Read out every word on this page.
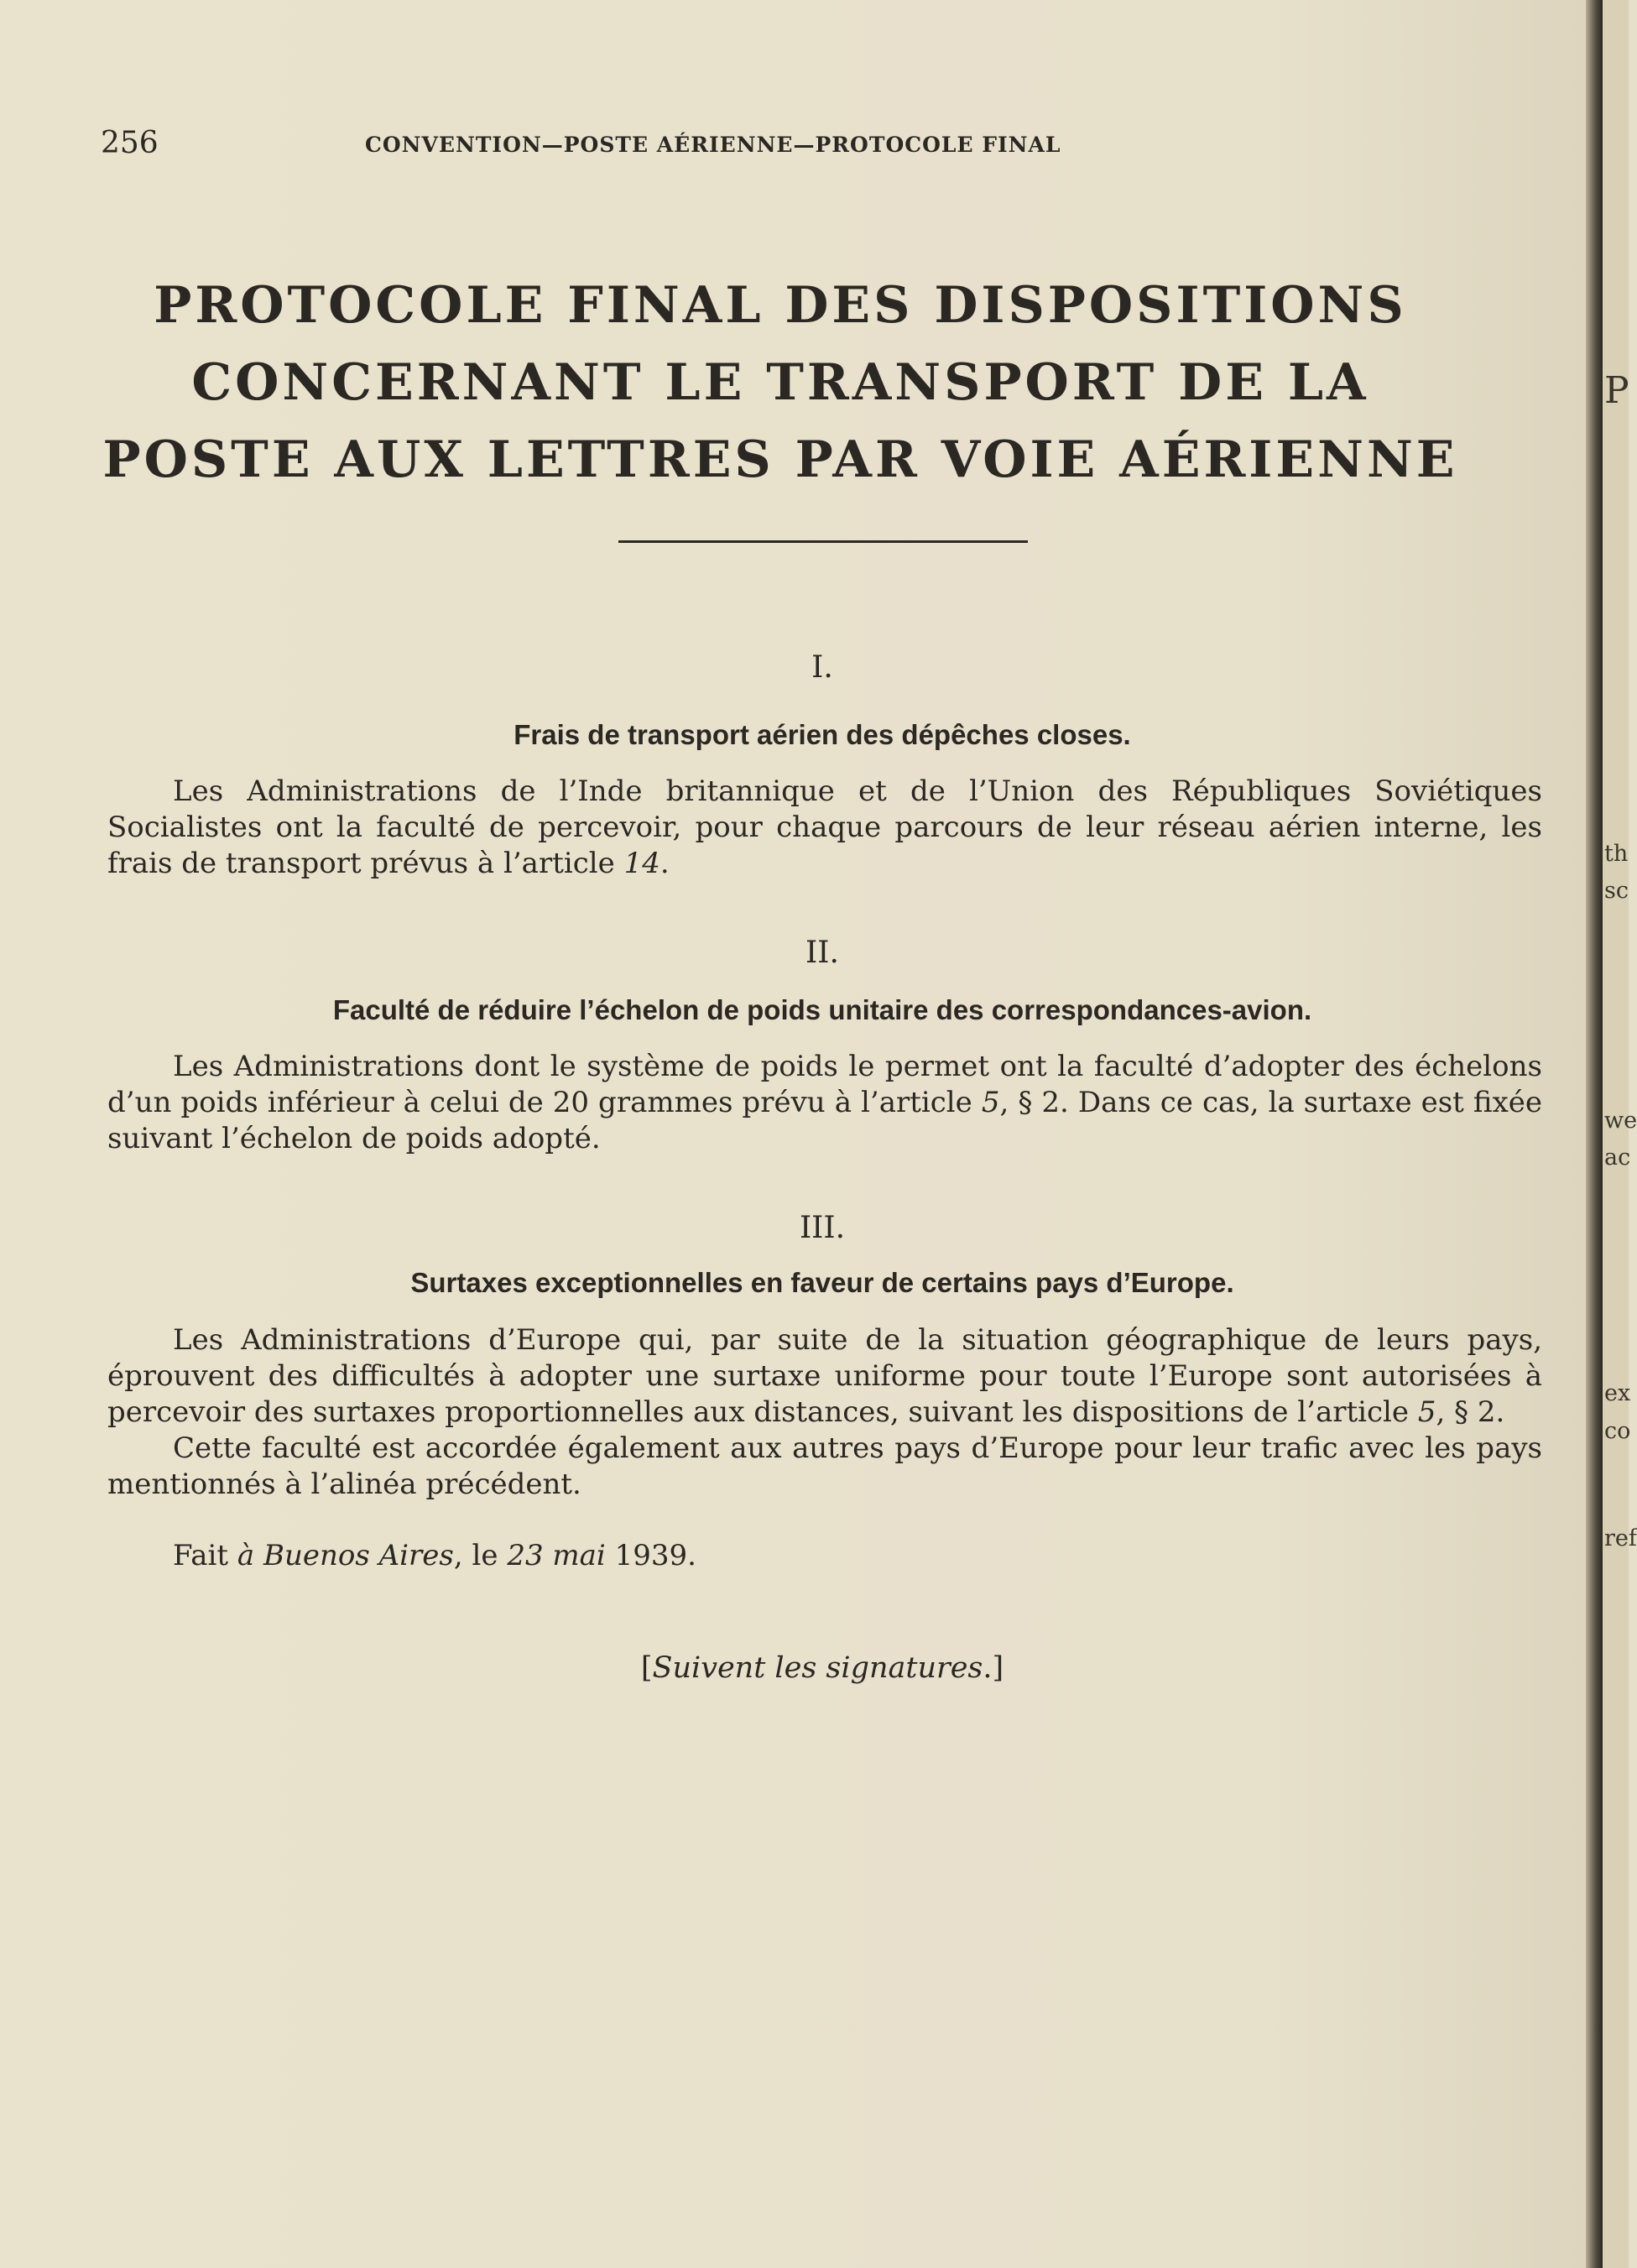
256	CONVENTION—POSTE AÉRIENNE—PROTOCOLE FINAL
PROTOCOLE FINAL DES DISPOSITIONS CONCERNANT LE TRANSPORT DE LA POSTE AUX LETTRES PAR VOIE AÉRIENNE
I.
Frais de transport aérien des dépêches closes.

Les Administrations de l’Inde britannique et de l’Union des Républiques Soviétiques Socialistes ont la faculté de percevoir, pour chaque parcours de leur réseau aérien interne, les frais de transport prévus à l’article 14.

II.
Faculté de réduire l’échelon de poids unitaire des correspondances-avion.

Les Administrations dont le système de poids le permet ont la faculté d’adopter des échelons d’un poids inférieur à celui de 20 grammes prévu à l’article 5, § 2. Dans ce cas, la surtaxe est fixée suivant l’échelon de poids adopté.

III.
Surtaxes exceptionnelles en faveur de certains pays d’Europe.

Les Administrations d’Europe qui, par suite de la situation géographique de leurs pays, éprouvent des difficultés à adopter une surtaxe uniforme pour toute l’Europe sont autorisées à percevoir des surtaxes proportionnelles aux distances, suivant les dispositions de l’article 5, § 2.

Cette faculté est accordée également aux autres pays d’Europe pour leur trafic avec les pays mentionnés à l’alinéa précédent.

Fait à Buenos Aires, le 23 mai 1939.

[Suivent les signatures.]
P
th
sc
we
ac
ex
co
ref
